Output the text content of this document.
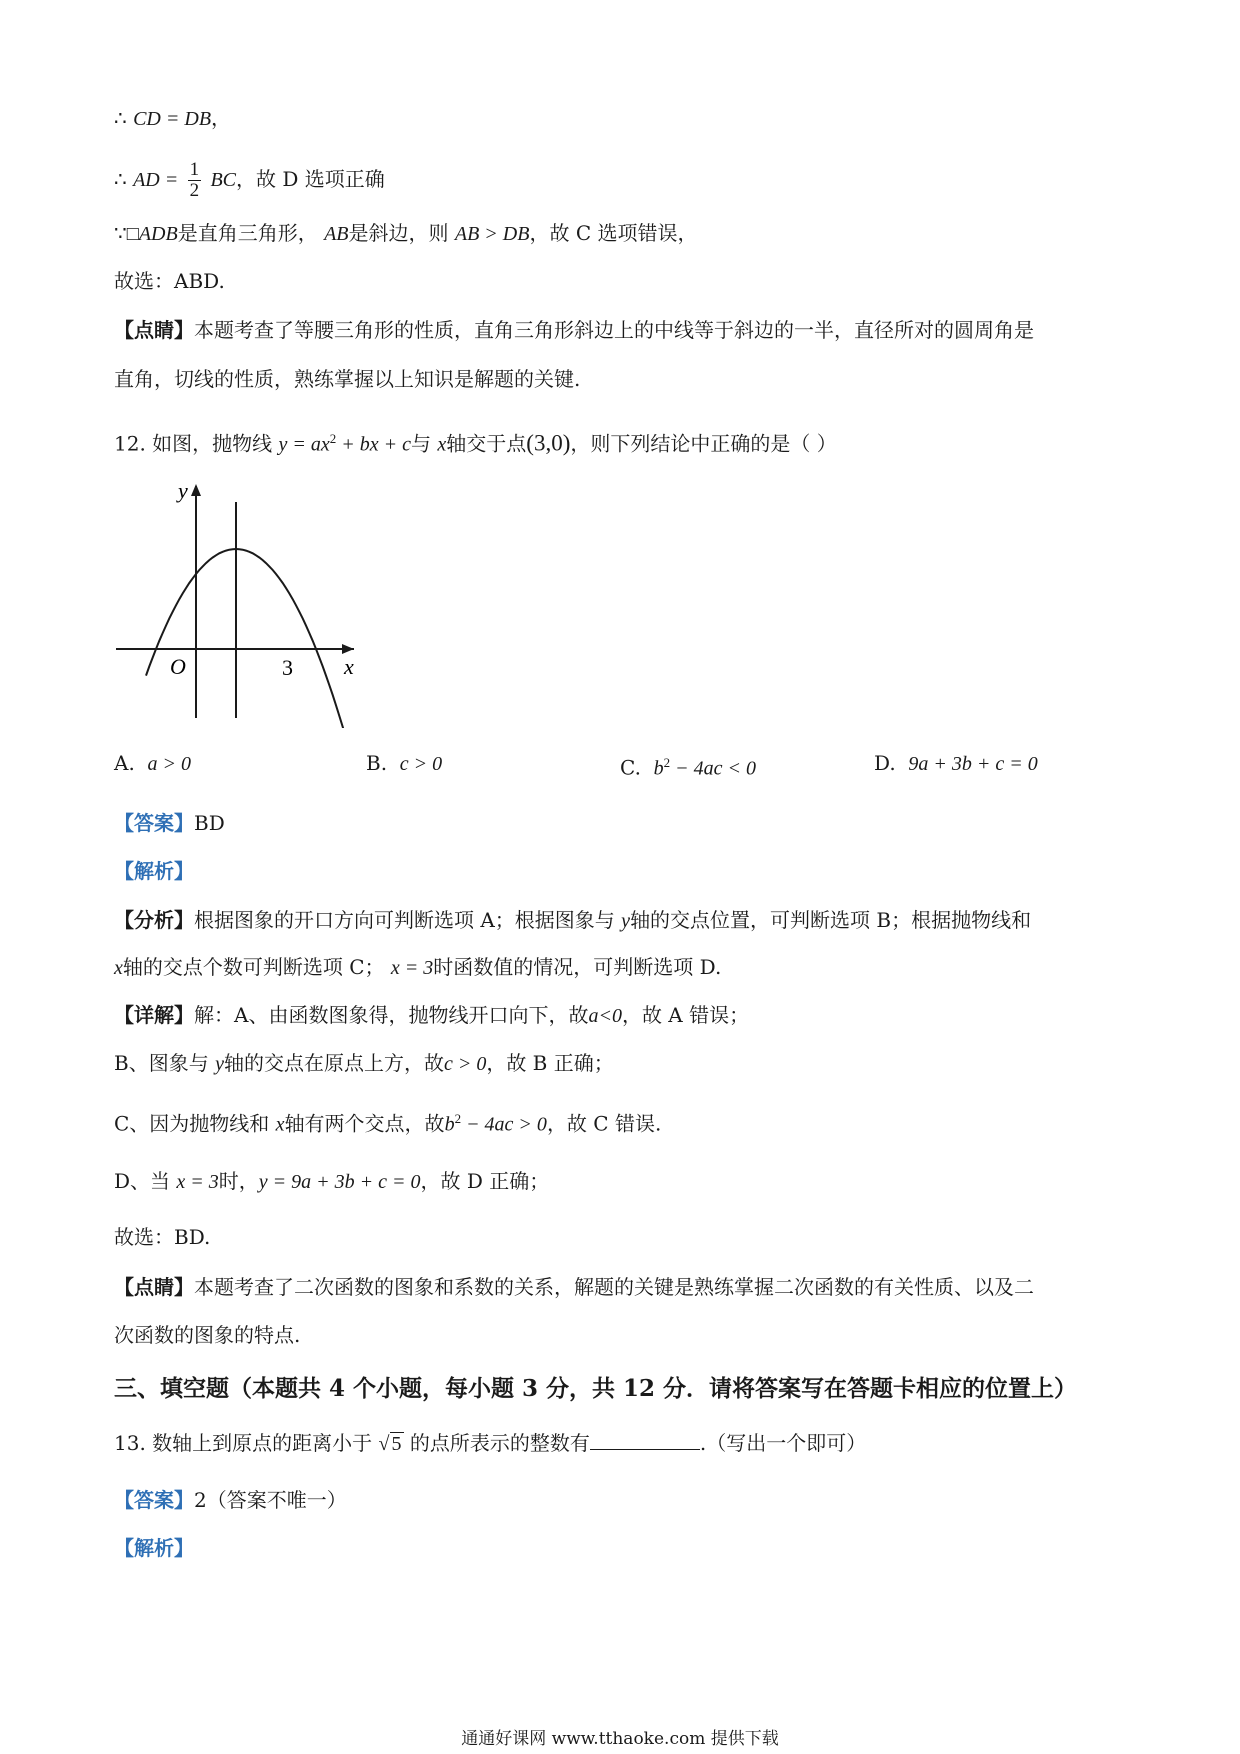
∴ CD = DB，
∴ AD = $\frac{1}{2}$ BC，故 D 选项正确
∵□ADB是直角三角形， AB是斜边，则 AB > DB，故 C 选项错误，
故选：ABD.
【点睛】本题考查了等腰三角形的性质，直角三角形斜边上的中线等于斜边的一半，直径所对的圆周角是
直角，切线的性质，熟练掌握以上知识是解题的关键.
12. 如图，抛物线 $y = ax^2$ + bx + c与 x轴交于点(3,0)，则下列结论中正确的是（ ）
y
x
O	3
A. a > 0	B. c > 0	C. $b^2 - 4ac < 0$	D. 9a + 3b + c = 0
【答案】BD
【解析】
【分析】根据图象的开口方向可判断选项 A；根据图象与 y轴的交点位置，可判断选项 B；根据抛物线和
x轴的交点个数可判断选项 C； x = 3时函数值的情况，可判断选项 D.
【详解】解：A、由函数图象得，抛物线开口向下，故a<0，故 A 错误；
B、图象与 y轴的交点在原点上方，故c > 0，故 B 正确；
C、因为抛物线和 x轴有两个交点，故$b^2 - 4ac > 0$，故 C 错误.
D、当 x = 3时，y = 9a + 3b + c = 0，故 D 正确；
故选：BD.
【点睛】本题考查了二次函数的图象和系数的关系，解题的关键是熟练掌握二次函数的有关性质、以及二
次函数的图象的特点.
三、填空题（本题共 4 个小题，每小题 3 分，共 12 分．请将答案写在答题卡相应的位置上）
13. 数轴上到原点的距离小于 √ 5 的点所表示的整数有	.（写出一个即可）
【答案】2（答案不唯一）
【解析】
通通好课网 www.tthaoke.com 提供下载
